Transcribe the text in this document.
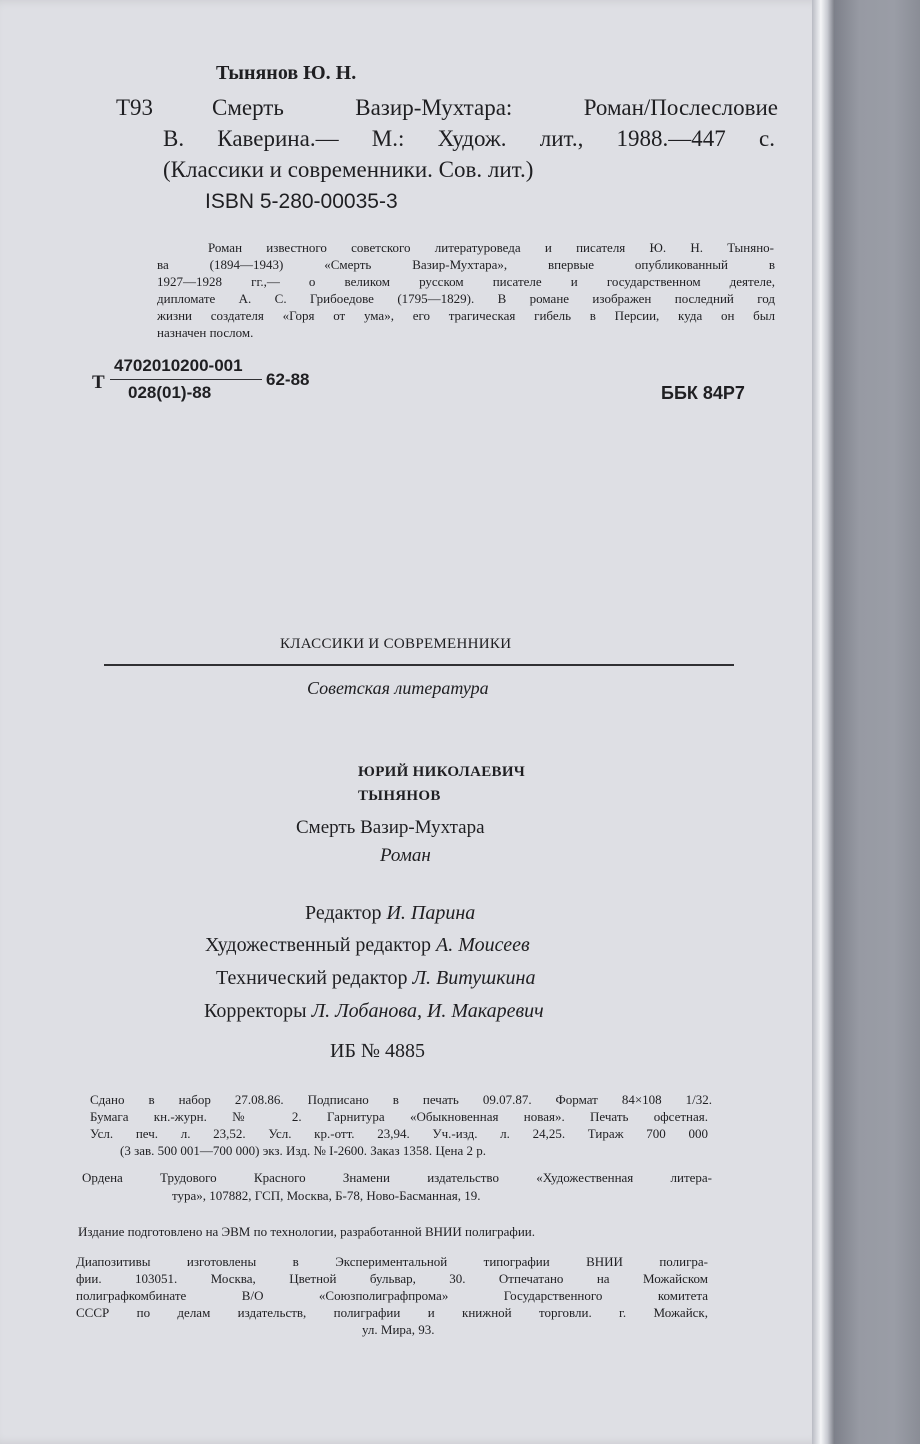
Тынянов Ю. Н.
Т93	Смерть Вазир-Мухтара: Роман/Послесловие
В. Каверина.— М.: Худож. лит., 1988.—447 с.
(Классики и современники. Сов. лит.)
ISBN 5-280-00035-3
Роман известного советского литературоведа и писателя Ю. Н. Тыняно-
ва (1894—1943) «Смерть Вазир-Мухтара», впервые опубликованный в
1927—1928 гг.,— о великом русском писателе и государственном деятеле,
дипломате А. С. Грибоедове (1795—1829). В романе изображен последний год
жизни создателя «Горя от ума», его трагическая гибель в Персии, куда он был
назначен послом.
Т
4702010200-001
028(01)-88
62-88
ББК 84Р7
КЛАССИКИ И СОВРЕМЕННИКИ
Советская литература
ЮРИЙ НИКОЛАЕВИЧ
ТЫНЯНОВ
Смерть Вазир-Мухтара
Роман
Редактор И. Парина
Художественный редактор А. Моисеев
Технический редактор Л. Витушкина
Корректоры Л. Лобанова, И. Макаревич
ИБ № 4885
Сдано в набор 27.08.86. Подписано в печать 09.07.87. Формат 84×108 1/32.
Бумага кн.-журн. № 2. Гарнитура «Обыкновенная новая». Печать офсетная.
Усл. печ. л. 23,52. Усл. кр.-отт. 23,94. Уч.-изд. л. 24,25. Тираж 700 000
(3 зав. 500 001—700 000) экз. Изд. № I-2600. Заказ 1358. Цена 2 р.
Ордена Трудового Красного Знамени издательство «Художественная литера-
тура», 107882, ГСП, Москва, Б-78, Ново-Басманная, 19.
Издание подготовлено на ЭВМ по технологии, разработанной ВНИИ полиграфии.
Диапозитивы изготовлены в Экспериментальной типографии ВНИИ полигра-
фии. 103051. Москва, Цветной бульвар, 30. Отпечатано на Можайском
полиграфкомбинате В/О «Союзполиграфпрома» Государственного комитета
СССР по делам издательств, полиграфии и книжной торговли. г. Можайск,
ул. Мира, 93.
